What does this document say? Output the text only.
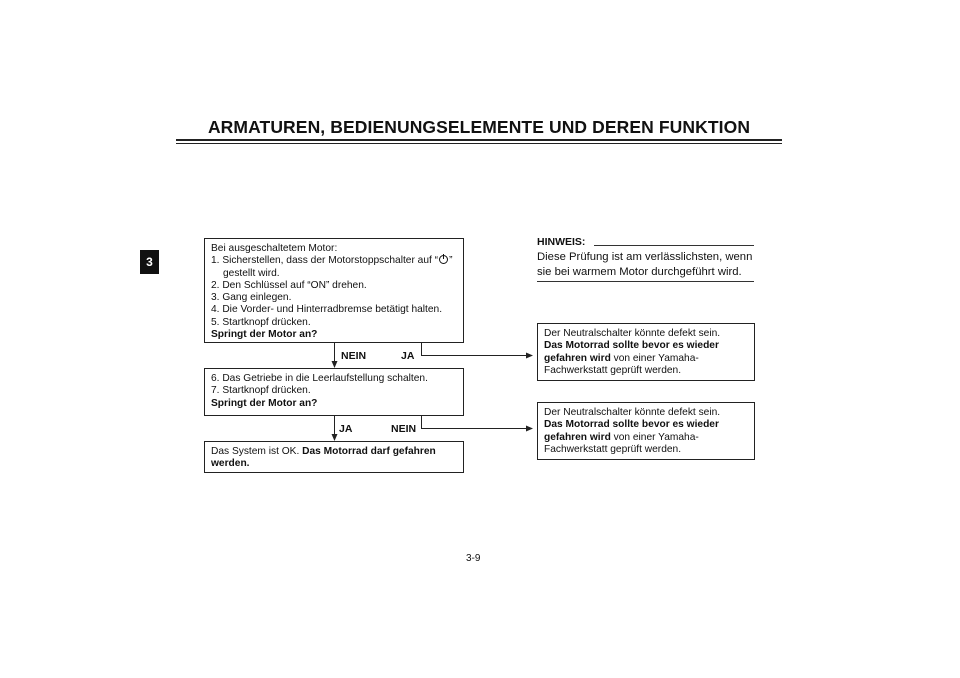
ARMATUREN, BEDIENUNGSELEMENTE UND DEREN FUNKTION
3
Bei ausgeschaltetem Motor:
1. Sicherstellen, dass der Motorstoppschalter auf “ ”
gestellt wird.
2. Den Schlüssel auf “ON” drehen.
3. Gang einlegen.
4. Die Vorder- und Hinterradbremse betätigt halten.
5. Startknopf drücken.
Springt der Motor an?
6. Das Getriebe in die Leerlaufstellung schalten.
7. Startknopf drücken.
Springt der Motor an?
Das System ist OK. Das Motorrad darf gefahren
werden.
NEIN	JA
JA	NEIN
HINWEIS:
Diese Prüfung ist am verlässlichsten, wenn
sie bei warmem Motor durchgeführt wird.
Der Neutralschalter könnte defekt sein.
Das Motorrad sollte bevor es wieder
gefahren wird von einer Yamaha-
Fachwerkstatt geprüft werden.
Der Neutralschalter könnte defekt sein.
Das Motorrad sollte bevor es wieder
gefahren wird von einer Yamaha-
Fachwerkstatt geprüft werden.
3-9
